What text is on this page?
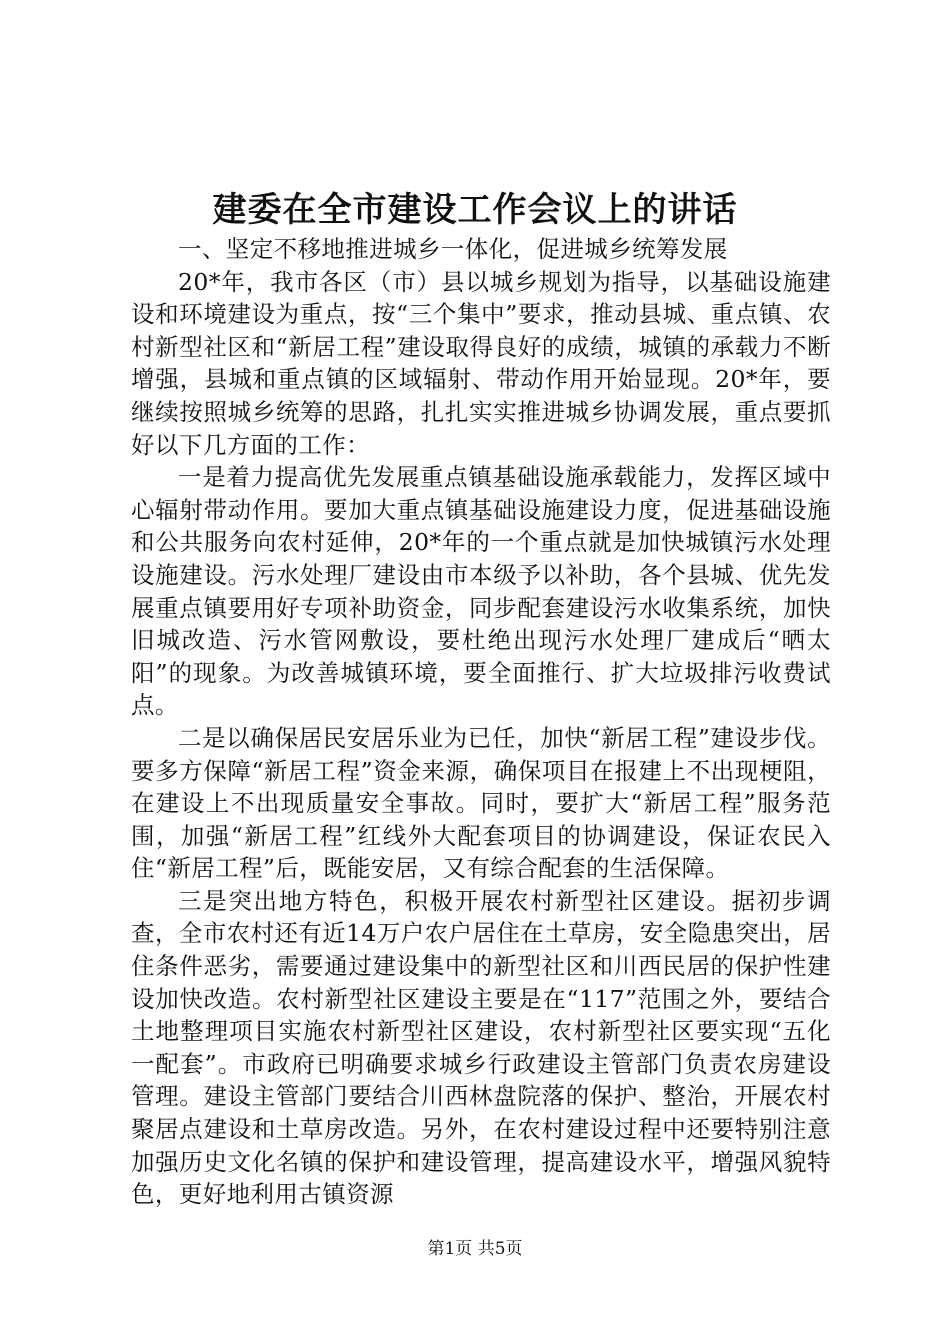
建委在全市建设工作会议上的讲话

一、坚定不移地推进城乡一体化，促进城乡统筹发展

20*年，我市各区（市）县以城乡规划为指导，以基础设施建设和环境建设为重点，按“三个集中”要求，推动县城、重点镇、农村新型社区和“新居工程”建设取得良好的成绩，城镇的承载力不断增强，县城和重点镇的区域辐射、带动作用开始显现。20*年，要继续按照城乡统筹的思路，扎扎实实推进城乡协调发展，重点要抓好以下几方面的工作：

一是着力提高优先发展重点镇基础设施承载能力，发挥区域中心辐射带动作用。要加大重点镇基础设施建设力度，促进基础设施和公共服务向农村延伸，20*年的一个重点就是加快城镇污水处理设施建设。污水处理厂建设由市本级予以补助，各个县城、优先发展重点镇要用好专项补助资金，同步配套建设污水收集系统，加快旧城改造、污水管网敷设，要杜绝出现污水处理厂建成后“晒太阳”的现象。为改善城镇环境，要全面推行、扩大垃圾排污收费试点。

二是以确保居民安居乐业为已任，加快“新居工程”建设步伐。要多方保障“新居工程”资金来源，确保项目在报建上不出现梗阻，在建设上不出现质量安全事故。同时，要扩大“新居工程”服务范围，加强“新居工程”红线外大配套项目的协调建设，保证农民入住“新居工程”后，既能安居，又有综合配套的生活保障。

三是突出地方特色，积极开展农村新型社区建设。据初步调查，全市农村还有近14万户农户居住在土草房，安全隐患突出，居住条件恶劣，需要通过建设集中的新型社区和川西民居的保护性建设加快改造。农村新型社区建设主要是在“117”范围之外，要结合土地整理项目实施农村新型社区建设，农村新型社区要实现“五化一配套”。市政府已明确要求城乡行政建设主管部门负责农房建设管理。建设主管部门要结合川西林盘院落的保护、整治，开展农村聚居点建设和土草房改造。另外，在农村建设过程中还要特别注意加强历史文化名镇的保护和建设管理，提高建设水平，增强风貌特色，更好地利用古镇资源

第1页 共5页
